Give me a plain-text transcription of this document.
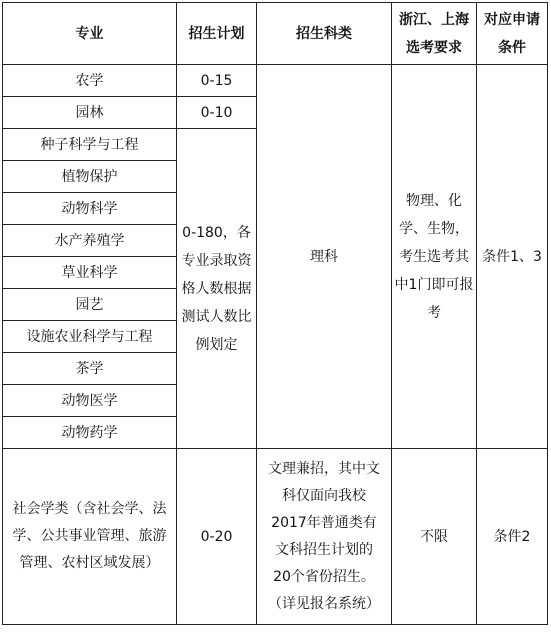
专业	招生计划	招生科类	浙江、上海选考要求	对应申请条件

农学	0-15	理科	物理、化学、生物，考生选考其中1门即可报考	条件1、3
园林	0-10			
种子科学与工程	0-180，各专业录取资格人数根据测试人数比例划定			

植物保护				
动物科学				
水产养殖学				
草业科学				
园艺				
设施农业科学与工程				
茶学				
动物医学				
动物药学				

社会学类（含社会学、法学、公共事业管理、旅游管理、农村区域发展）	0-20	文理兼招，其中文科仅面向我校2017年普通类有文科招生计划的20个省份招生。（详见报名系统）	不限	条件2
